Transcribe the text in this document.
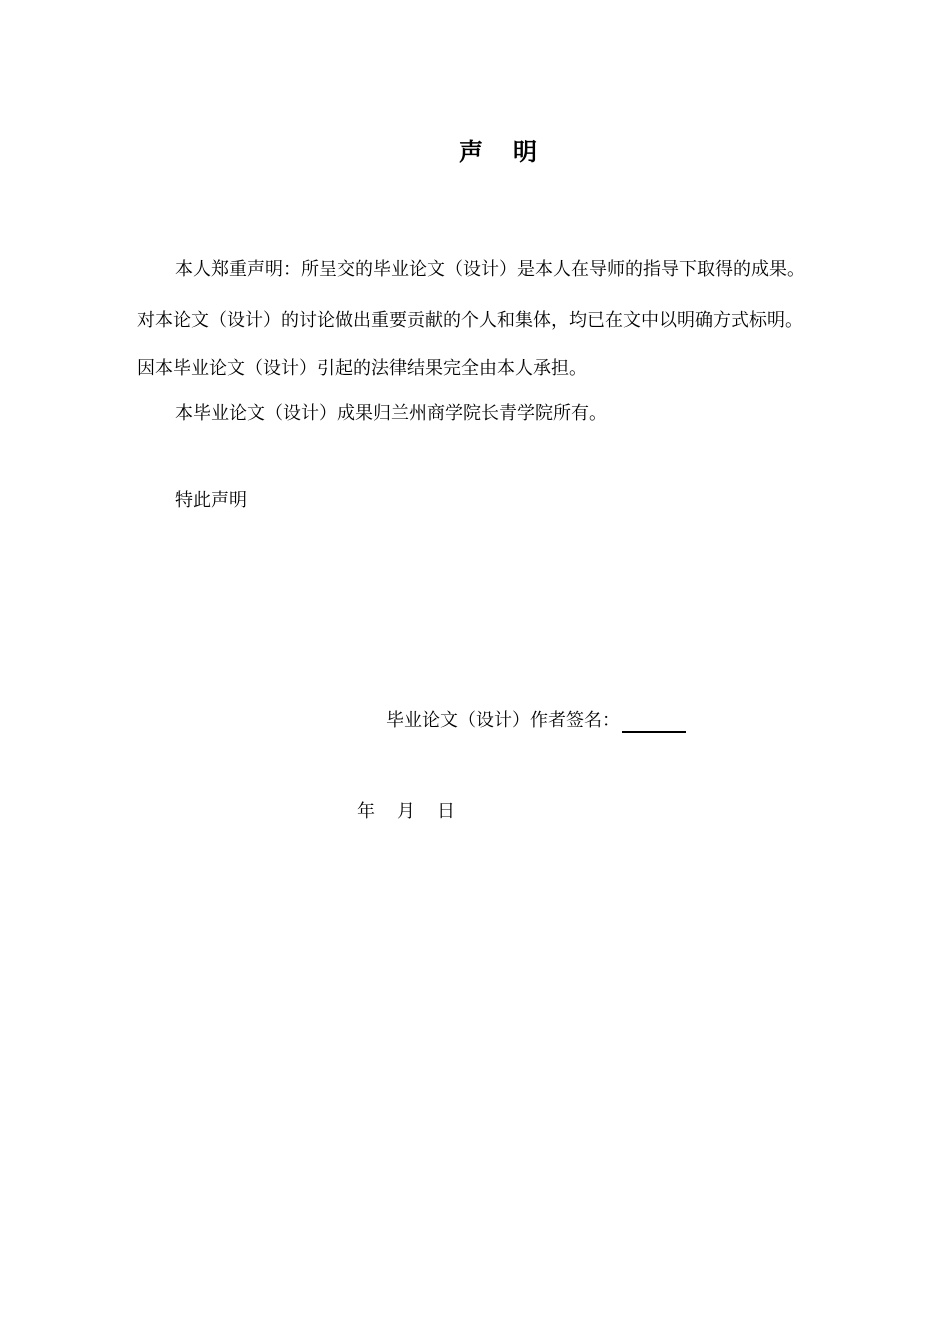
声 明
本人郑重声明：所呈交的毕业论文（设计）是本人在导师的指导下取得的成果。
对本论文（设计）的讨论做出重要贡献的个人和集体，均已在文中以明确方式标明。
因本毕业论文（设计）引起的法律结果完全由本人承担。
本毕业论文（设计）成果归兰州商学院长青学院所有。
特此声明
毕业论文（设计）作者签名：
年 月 日
